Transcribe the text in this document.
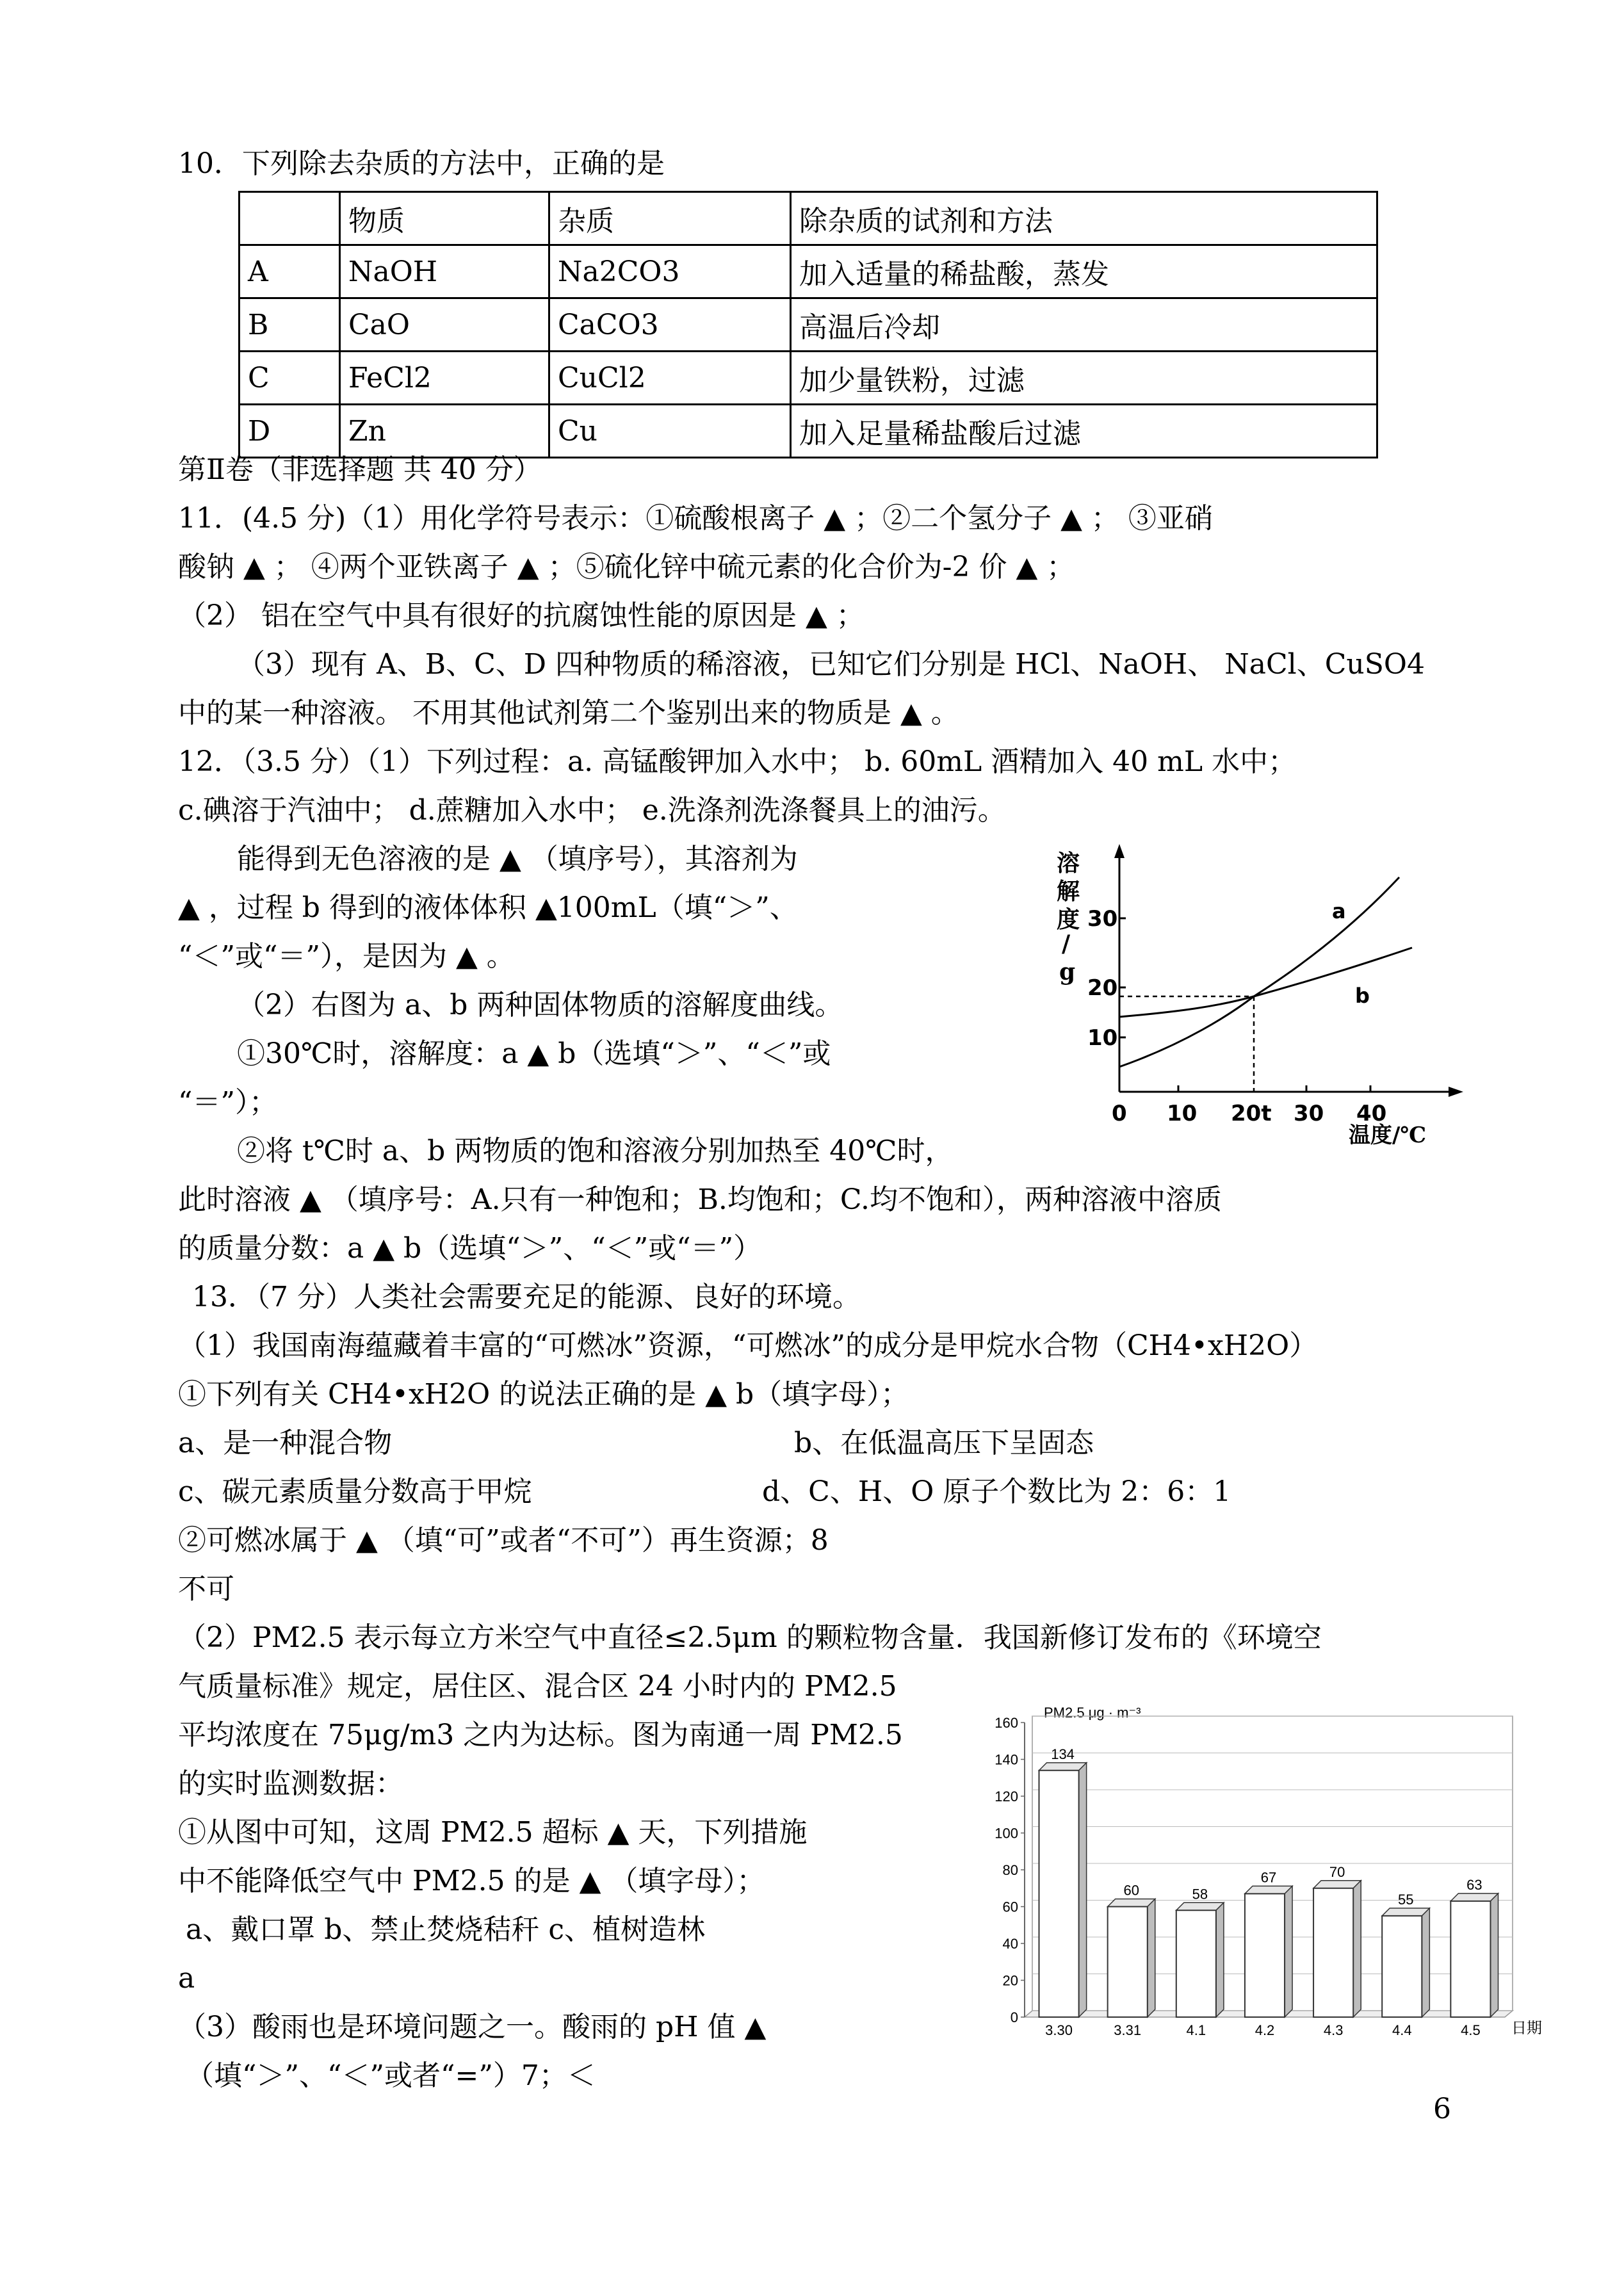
10．下列除去杂质的方法中，正确的是
	物质	杂质	除杂质的试剂和方法
A	NaOH	Na2CO3	加入适量的稀盐酸，蒸发
B	CaO	CaCO3	高温后冷却
C	FeCl2	CuCl2	加少量铁粉，过滤
D	Zn	Cu	加入足量稀盐酸后过滤
第Ⅱ卷（非选择题 共 40 分）
11．(4.5 分)（1）用化学符号表示：①硫酸根离子 ▲ ；②二个氢分子 ▲ ； ③亚硝
酸钠 ▲ ； ④两个亚铁离子 ▲ ；⑤硫化锌中硫元素的化合价为-2 价 ▲ ；
（2） 铝在空气中具有很好的抗腐蚀性能的原因是 ▲ ；
（3）现有 A、B、C、D 四种物质的稀溶液，已知它们分别是 HCl、NaOH、 NaCl、CuSO4
中的某一种溶液。 不用其他试剂第二个鉴别出来的物质是 ▲ 。
12．（3.5 分）（1）下列过程：a. 高锰酸钾加入水中； b. 60mL 酒精加入 40 mL 水中；
c.碘溶于汽油中； d.蔗糖加入水中； e.洗涤剂洗涤餐具上的油污。
能得到无色溶液的是 ▲ （填序号），其溶剂为
▲ ，过程 b 得到的液体体积 ▲100mL（填“＞”、
“＜”或“＝”），是因为 ▲ 。
（2）右图为 a、b 两种固体物质的溶解度曲线。
①30℃时，溶解度：a ▲ b（选填“＞”、“＜”或
“＝”）；
②将 t℃时 a、b 两物质的饱和溶液分别加热至 40℃时，
此时溶液 ▲ （填序号：A.只有一种饱和；B.均饱和；C.均不饱和），两种溶液中溶质
的质量分数：a ▲ b（选填“＞”、“＜”或“＝”）
13．（7 分）人类社会需要充足的能源、良好的环境。
（1）我国南海蕴藏着丰富的“可燃冰”资源，“可燃冰”的成分是甲烷水合物（CH4•xH2O）
①下列有关 CH4•xH2O 的说法正确的是 ▲ b（填字母）；
a、是一种混合物	b、在低温高压下呈固态
c、碳元素质量分数高于甲烷	d、C、H、O 原子个数比为 2：6：1
②可燃冰属于 ▲ （填“可”或者“不可”）再生资源；8
不可
（2）PM2.5 表示每立方米空气中直径≤2.5μm 的颗粒物含量．我国新修订发布的《环境空
气质量标准》规定，居住区、混合区 24 小时内的 PM2.5
平均浓度在 75μg/m3 之内为达标。图为南通一周 PM2.5
的实时监测数据：
①从图中可知，这周 PM2.5 超标 ▲ 天，下列措施
中不能降低空气中 PM2.5 的是 ▲ （填字母）；
a、戴口罩 b、禁止焚烧秸秆 c、植树造林
a
（3）酸雨也是环境问题之一。酸雨的 pH 值 ▲
（填“＞”、“＜”或者“=”）7；＜
溶
解
度
/
g
10
20
30
0 10 20t 30 40
温度/℃
a
b
PM2.5 μg · m⁻³
0
20
40
60
80
100
120
140
160
134
3.30
60
3.31
58
4.1
67
4.2
70
4.3
55
4.4
63
4.5 日期
6
